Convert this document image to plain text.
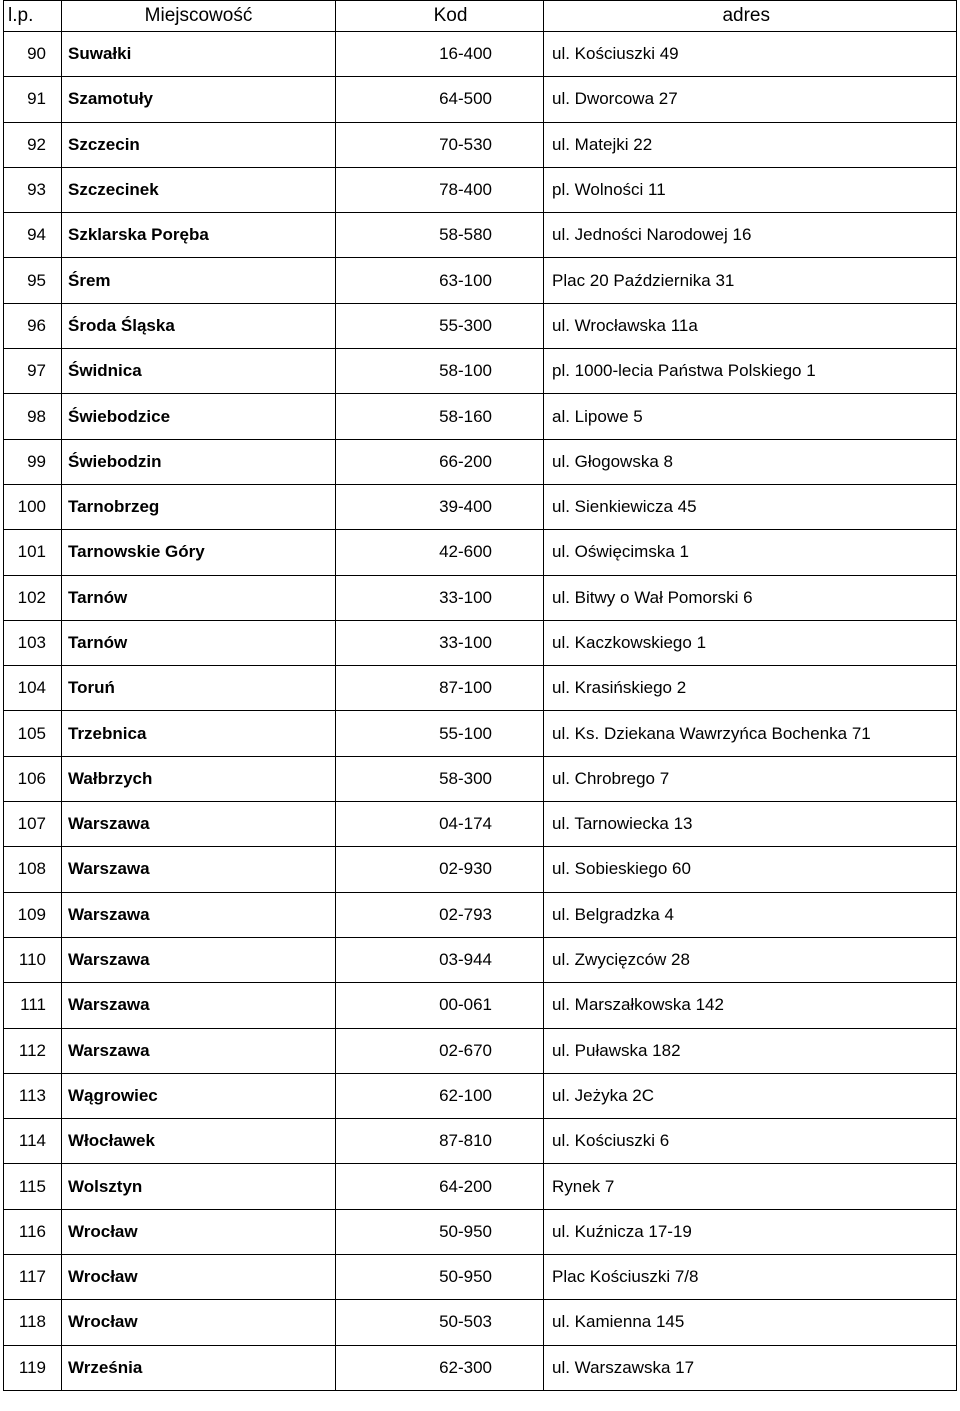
l.p.	Miejscowość	Kod	adres
90	Suwałki	16-400	ul. Kościuszki 49
91	Szamotuły	64-500	ul. Dworcowa 27
92	Szczecin	70-530	ul. Matejki 22
93	Szczecinek	78-400	pl. Wolności 11
94	Szklarska Poręba	58-580	ul. Jedności Narodowej 16
95	Śrem	63-100	Plac 20 Października 31
96	Środa Śląska	55-300	ul. Wrocławska 11a
97	Świdnica	58-100	pl. 1000-lecia Państwa Polskiego 1
98	Świebodzice	58-160	al. Lipowe 5
99	Świebodzin	66-200	ul. Głogowska 8
100	Tarnobrzeg	39-400	ul. Sienkiewicza 45
101	Tarnowskie Góry	42-600	ul. Oświęcimska 1
102	Tarnów	33-100	ul. Bitwy o Wał Pomorski 6
103	Tarnów	33-100	ul. Kaczkowskiego 1
104	Toruń	87-100	ul. Krasińskiego 2
105	Trzebnica	55-100	ul. Ks. Dziekana Wawrzyńca Bochenka 71
106	Wałbrzych	58-300	ul. Chrobrego 7
107	Warszawa	04-174	ul. Tarnowiecka 13
108	Warszawa	02-930	ul. Sobieskiego 60
109	Warszawa	02-793	ul. Belgradzka 4
110	Warszawa	03-944	ul. Zwycięzców 28
111	Warszawa	00-061	ul. Marszałkowska 142
112	Warszawa	02-670	ul. Puławska 182
113	Wągrowiec	62-100	ul. Jeżyka 2C
114	Włocławek	87-810	ul. Kościuszki 6
115	Wolsztyn	64-200	Rynek 7
116	Wrocław	50-950	ul. Kuźnicza 17-19
117	Wrocław	50-950	Plac Kościuszki 7/8
118	Wrocław	50-503	ul. Kamienna 145
119	Września	62-300	ul. Warszawska 17
